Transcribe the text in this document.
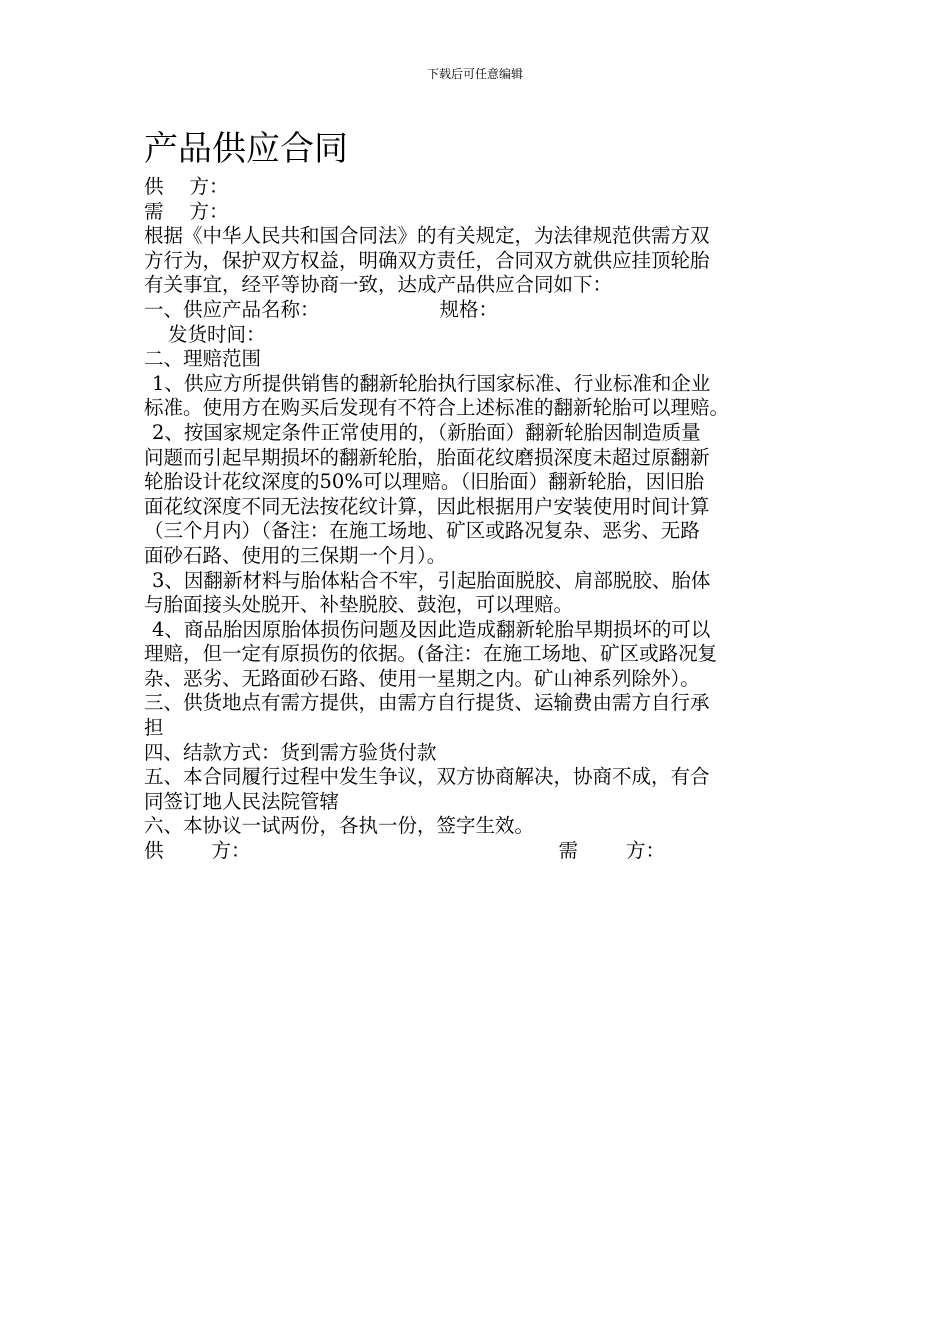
下载后可任意编辑
产品供应合同
供 方：
需 方：
根据《中华人民共和国合同法》的有关规定，为法律规范供需方双
方行为，保护双方权益，明确双方责任，合同双方就供应挂顶轮胎
有关事宜，经平等协商一致，达成产品供应合同如下：
一、供应产品名称：	规格：
发货时间：
二、理赔范围
1、供应方所提供销售的翻新轮胎执行国家标准、行业标准和企业
标准。使用方在购买后发现有不符合上述标准的翻新轮胎可以理赔。
2、按国家规定条件正常使用的，（新胎面）翻新轮胎因制造质量
问题而引起早期损坏的翻新轮胎，胎面花纹磨损深度未超过原翻新
轮胎设计花纹深度的50%可以理赔。（旧胎面）翻新轮胎，因旧胎
面花纹深度不同无法按花纹计算，因此根据用户安装使用时间计算
（三个月内）（备注：在施工场地、矿区或路况复杂、恶劣、无路
面砂石路、使用的三保期一个月）。
3、因翻新材料与胎体粘合不牢，引起胎面脱胶、肩部脱胶、胎体
与胎面接头处脱开、补垫脱胶、鼓泡，可以理赔。
4、商品胎因原胎体损伤问题及因此造成翻新轮胎早期损坏的可以
理赔，但一定有原损伤的依据。(备注：在施工场地、矿区或路况复
杂、恶劣、无路面砂石路、使用一星期之内。矿山神系列除外）。
三、供货地点有需方提供，由需方自行提货、运输费由需方自行承
担
四、结款方式：货到需方验货付款
五、本合同履行过程中发生争议，双方协商解决，协商不成，有合
同签订地人民法院管辖
六、本协议一试两份，各执一份，签字生效。
供 方：	需 方：
